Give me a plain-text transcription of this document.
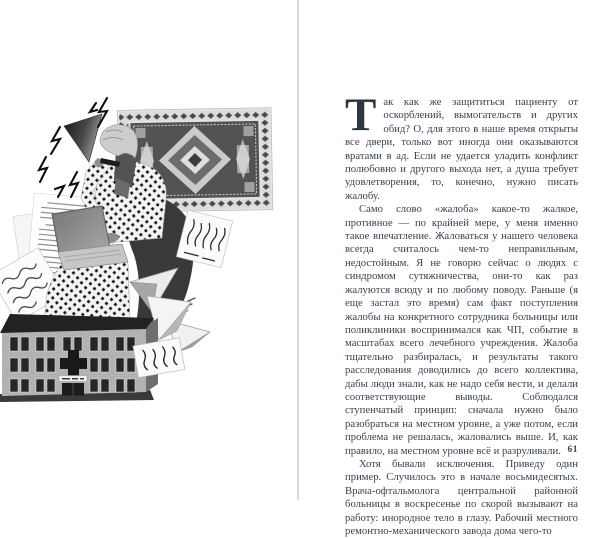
Так как же защититься пациенту от оскорблений, вымогательств и других обид? О, для этого в наше время открыты все двери, только вот иногда они оказываются вратами в ад. Если не удается уладить конфликт полюбовно и другого выхода нет, а душа требует удовлетворения, то, конечно, нужно писать жалобу.

Само слово «жалоба» какое-то жалкое, противное — по крайней мере, у меня именно такое впечатление. Жаловаться у нашего человека всегда считалось чем-то неправильным, недостойным. Я не говорю сейчас о людях с синдромом сутяжничества, они-то как раз жалуются всюду и по любому поводу. Раньше (я еще застал это время) сам факт поступления жалобы на конкретного сотрудника больницы или поликлиники воспринимался как ЧП, событие в масштабах всего лечебного учреждения. Жалоба тщательно разбиралась, и результаты такого расследования доводились до всего коллектива, дабы люди знали, как не надо себя вести, и делали соответствующие выводы. Соблюдался ступенчатый принцип: сначала нужно было разобраться на местном уровне, а уже потом, если проблема не решалась, жаловались выше. И, как правило, на местном уровне всё и разруливали.

Хотя бывали исключения. Приведу один пример. Случилось это в начале восьмидесятых. Врача-офтальмолога центральной районной больницы в воскресенье по скорой вызывают на работу: инородное тело в глазу. Рабочий местного ремонтно-механического завода дома чего-то

61
